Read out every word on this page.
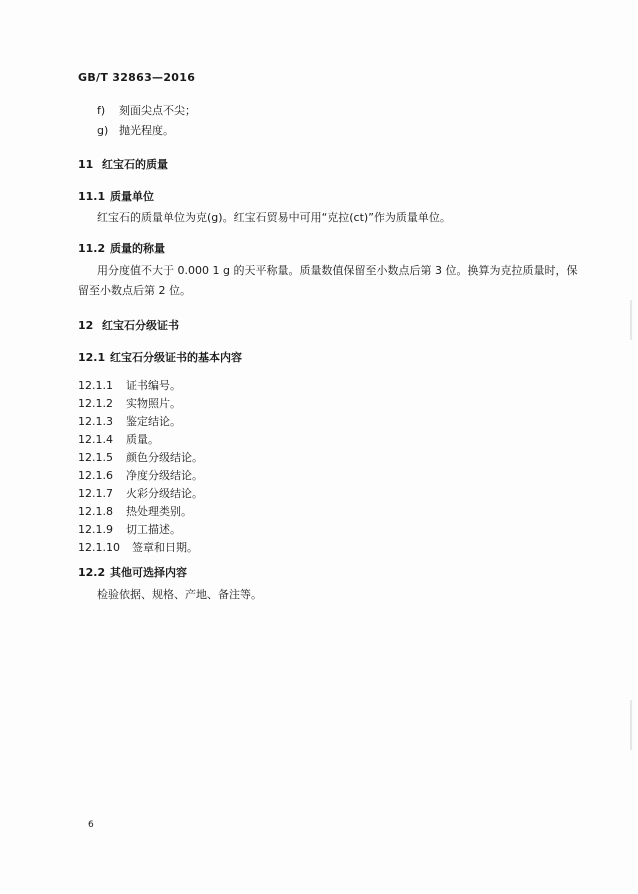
GB/T 32863—2016
f) 刻面尖点不尖；
g) 抛光程度。
11 红宝石的质量
11.1 质量单位
红宝石的质量单位为克(g)。红宝石贸易中可用“克拉(ct)”作为质量单位。
11.2 质量的称量
用分度值不大于 0.000 1 g 的天平称量。质量数值保留至小数点后第 3 位。换算为克拉质量时，保
留至小数点后第 2 位。
12 红宝石分级证书
12.1 红宝石分级证书的基本内容
12.1.1 证书编号。
12.1.2 实物照片。
12.1.3 鉴定结论。
12.1.4 质量。
12.1.5 颜色分级结论。
12.1.6 净度分级结论。
12.1.7 火彩分级结论。
12.1.8 热处理类别。
12.1.9 切工描述。
12.1.10 签章和日期。
12.2 其他可选择内容
检验依据、规格、产地、备注等。
6
